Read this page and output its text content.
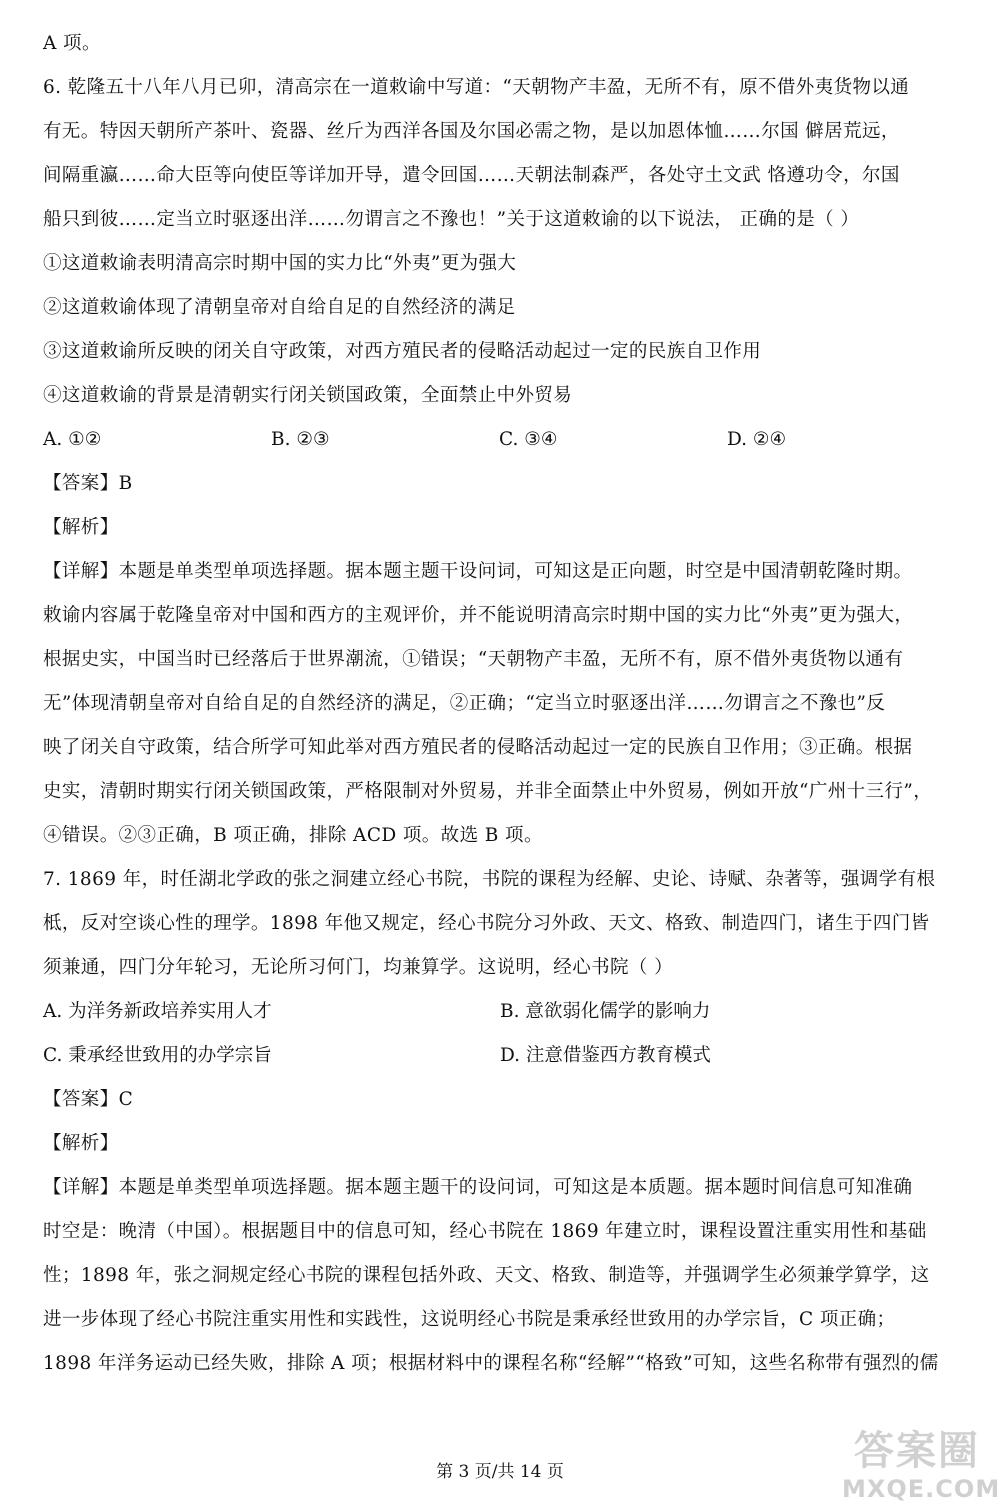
A 项。
6. 乾隆五十八年八月已卯，清高宗在一道敕谕中写道：“天朝物产丰盈，无所不有，原不借外夷货物以通
有无。特因天朝所产茶叶、瓷器、丝斤为西洋各国及尔国必需之物，是以加恩体恤……尔国 僻居荒远，
间隔重瀛……命大臣等向使臣等详加开导，遣令回国……天朝法制森严，各处守土文武 恪遵功令，尔国
船只到彼……定当立时驱逐出洋……勿谓言之不豫也！”关于这道敕谕的以下说法， 正确的是（ ）
①这道敕谕表明清高宗时期中国的实力比“外夷”更为强大
②这道敕谕体现了清朝皇帝对自给自足的自然经济的满足
③这道敕谕所反映的闭关自守政策，对西方殖民者的侵略活动起过一定的民族自卫作用
④这道敕谕的背景是清朝实行闭关锁国政策，全面禁止中外贸易
A. ①②	B. ②③	C. ③④	D. ②④
【答案】B
【解析】
【详解】本题是单类型单项选择题。据本题主题干设问词，可知这是正向题，时空是中国清朝乾隆时期。
敕谕内容属于乾隆皇帝对中国和西方的主观评价，并不能说明清高宗时期中国的实力比“外夷”更为强大，
根据史实，中国当时已经落后于世界潮流，①错误；“天朝物产丰盈，无所不有，原不借外夷货物以通有
无”体现清朝皇帝对自给自足的自然经济的满足，②正确；“定当立时驱逐出洋……勿谓言之不豫也”反
映了闭关自守政策，结合所学可知此举对西方殖民者的侵略活动起过一定的民族自卫作用；③正确。根据
史实，清朝时期实行闭关锁国政策，严格限制对外贸易，并非全面禁止中外贸易，例如开放“广州十三行”，
④错误。②③正确，B 项正确，排除 ACD 项。故选 B 项。
7. 1869 年，时任湖北学政的张之洞建立经心书院，书院的课程为经解、史论、诗赋、杂著等，强调学有根
柢，反对空谈心性的理学。1898 年他又规定，经心书院分习外政、天文、格致、制造四门，诸生于四门皆
须兼通，四门分年轮习，无论所习何门，均兼算学。这说明，经心书院（ ）
A. 为洋务新政培养实用人才	B. 意欲弱化儒学的影响力
C. 秉承经世致用的办学宗旨	D. 注意借鉴西方教育模式
【答案】C
【解析】
【详解】本题是单类型单项选择题。据本题主题干的设问词，可知这是本质题。据本题时间信息可知准确
时空是：晚清（中国）。根据题目中的信息可知，经心书院在 1869 年建立时，课程设置注重实用性和基础
性；1898 年，张之洞规定经心书院的课程包括外政、天文、格致、制造等，并强调学生必须兼学算学，这
进一步体现了经心书院注重实用性和实践性，这说明经心书院是秉承经世致用的办学宗旨，C 项正确；
1898 年洋务运动已经失败，排除 A 项；根据材料中的课程名称“经解”“格致”可知，这些名称带有强烈的儒
第 3 页/共 14 页	答案圈
MXQE.COM
